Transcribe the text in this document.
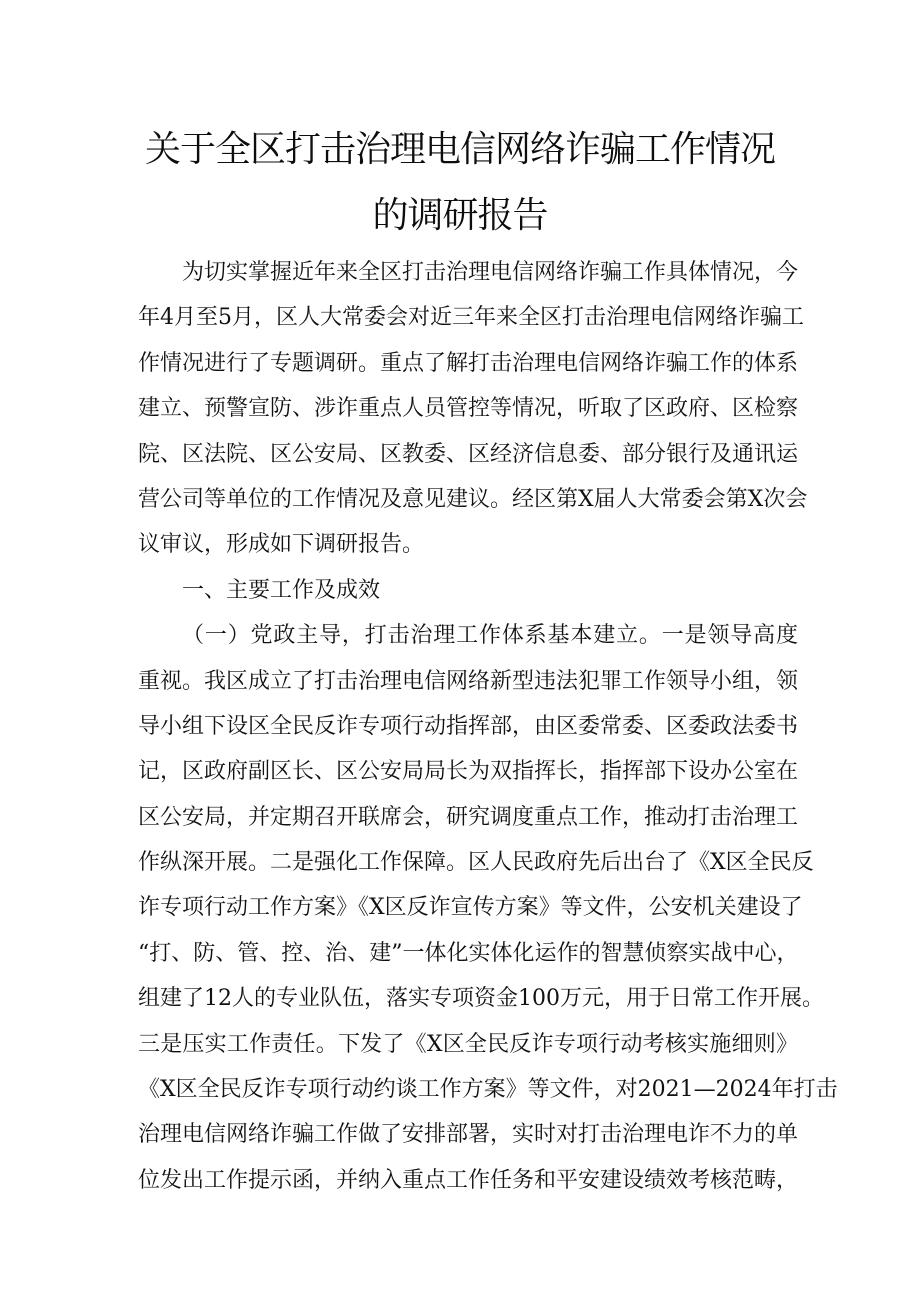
关于全区打击治理电信网络诈骗工作情况
的调研报告
为切实掌握近年来全区打击治理电信网络诈骗工作具体情况，今
年4月至5月，区人大常委会对近三年来全区打击治理电信网络诈骗工
作情况进行了专题调研。重点了解打击治理电信网络诈骗工作的体系
建立、预警宣防、涉诈重点人员管控等情况，听取了区政府、区检察
院、区法院、区公安局、区教委、区经济信息委、部分银行及通讯运
营公司等单位的工作情况及意见建议。经区第X届人大常委会第X次会
议审议，形成如下调研报告。
一、主要工作及成效
（一）党政主导，打击治理工作体系基本建立。一是领导高度
重视。我区成立了打击治理电信网络新型违法犯罪工作领导小组，领
导小组下设区全民反诈专项行动指挥部，由区委常委、区委政法委书
记，区政府副区长、区公安局局长为双指挥长，指挥部下设办公室在
区公安局，并定期召开联席会，研究调度重点工作，推动打击治理工
作纵深开展。二是强化工作保障。区人民政府先后出台了《X区全民反
诈专项行动工作方案》《X区反诈宣传方案》等文件，公安机关建设了
“打、防、管、控、治、建”一体化实体化运作的智慧侦察实战中心，
组建了12人的专业队伍，落实专项资金100万元，用于日常工作开展。
三是压实工作责任。下发了《X区全民反诈专项行动考核实施细则》
《X区全民反诈专项行动约谈工作方案》等文件，对2021—2024年打击
治理电信网络诈骗工作做了安排部署，实时对打击治理电诈不力的单
位发出工作提示函，并纳入重点工作任务和平安建设绩效考核范畴，
